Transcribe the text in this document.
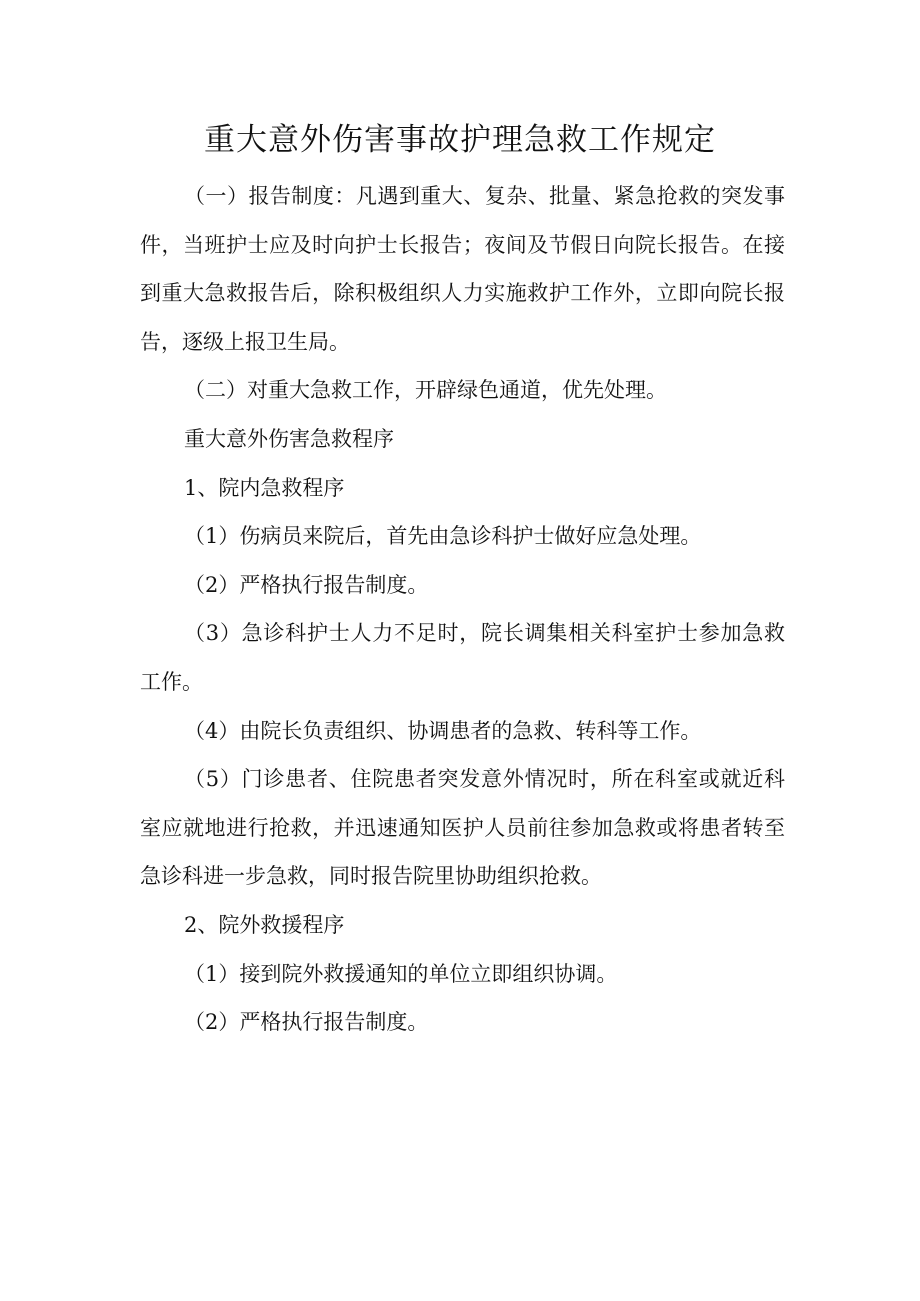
重大意外伤害事故护理急救工作规定

（一）报告制度：凡遇到重大、复杂、批量、紧急抢救的突发事件，当班护士应及时向护士长报告；夜间及节假日向院长报告。在接到重大急救报告后，除积极组织人力实施救护工作外，立即向院长报告，逐级上报卫生局。

（二）对重大急救工作，开辟绿色通道，优先处理。

重大意外伤害急救程序

1、院内急救程序

（1）伤病员来院后，首先由急诊科护士做好应急处理。

（2）严格执行报告制度。

（3）急诊科护士人力不足时，院长调集相关科室护士参加急救工作。

（4）由院长负责组织、协调患者的急救、转科等工作。

（5）门诊患者、住院患者突发意外情况时，所在科室或就近科室应就地进行抢救，并迅速通知医护人员前往参加急救或将患者转至急诊科进一步急救，同时报告院里协助组织抢救。

2、院外救援程序

（1）接到院外救援通知的单位立即组织协调。

（2）严格执行报告制度。
